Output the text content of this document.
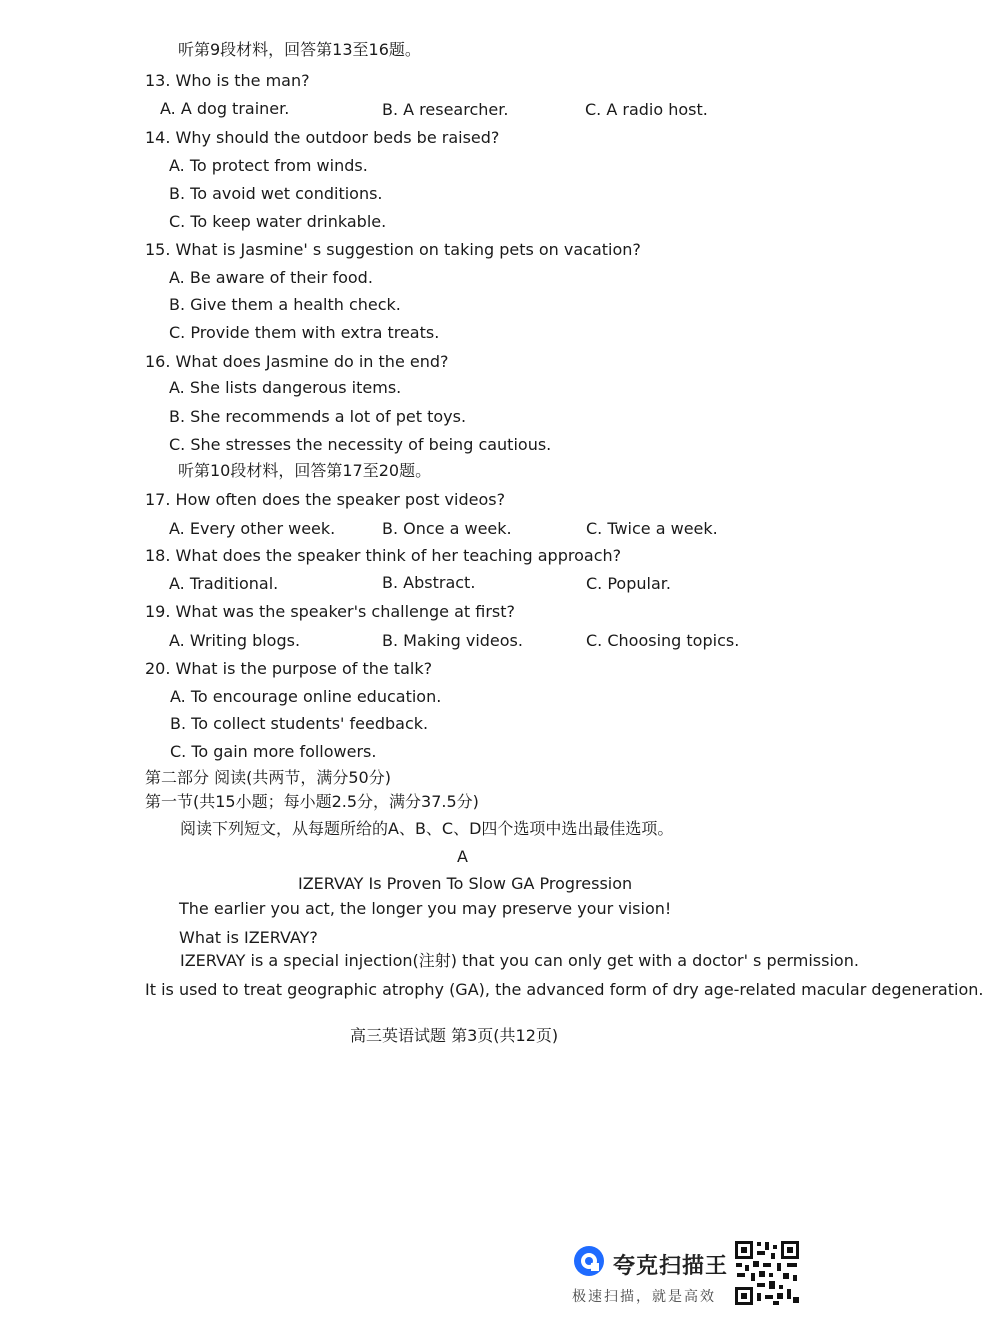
听第9段材料，回答第13至16题。
13. Who is the man?
A. A dog trainer.	B. A researcher.	C. A radio host.
14. Why should the outdoor beds be raised?
A. To protect from winds.
B. To avoid wet conditions.
C. To keep water drinkable.
15. What is Jasmine' s suggestion on taking pets on vacation?
A. Be aware of their food.
B. Give them a health check.
C. Provide them with extra treats.
16. What does Jasmine do in the end?
A. She lists dangerous items.
B. She recommends a lot of pet toys.
C. She stresses the necessity of being cautious.
听第10段材料，回答第17至20题。
17. How often does the speaker post videos?
A. Every other week.	B. Once a week.	C. Twice a week.
18. What does the speaker think of her teaching approach?
A. Traditional.	B. Abstract.	C. Popular.
19. What was the speaker's challenge at first?
A. Writing blogs.	B. Making videos.	C. Choosing topics.
20. What is the purpose of the talk?
A. To encourage online education.
B. To collect students' feedback.
C. To gain more followers.
第二部分 阅读(共两节，满分50分)
第一节(共15小题；每小题2.5分，满分37.5分)
阅读下列短文，从每题所给的A、B、C、D四个选项中选出最佳选项。
A
IZERVAY Is Proven To Slow GA Progression
The earlier you act, the longer you may preserve your vision!
What is IZERVAY?
IZERVAY is a special injection(注射) that you can only get with a doctor' s permission.
It is used to treat geographic atrophy (GA), the advanced form of dry age-related macular degeneration.
高三英语试题 第3页(共12页)
夸克扫描王
极速扫描，就是高效
